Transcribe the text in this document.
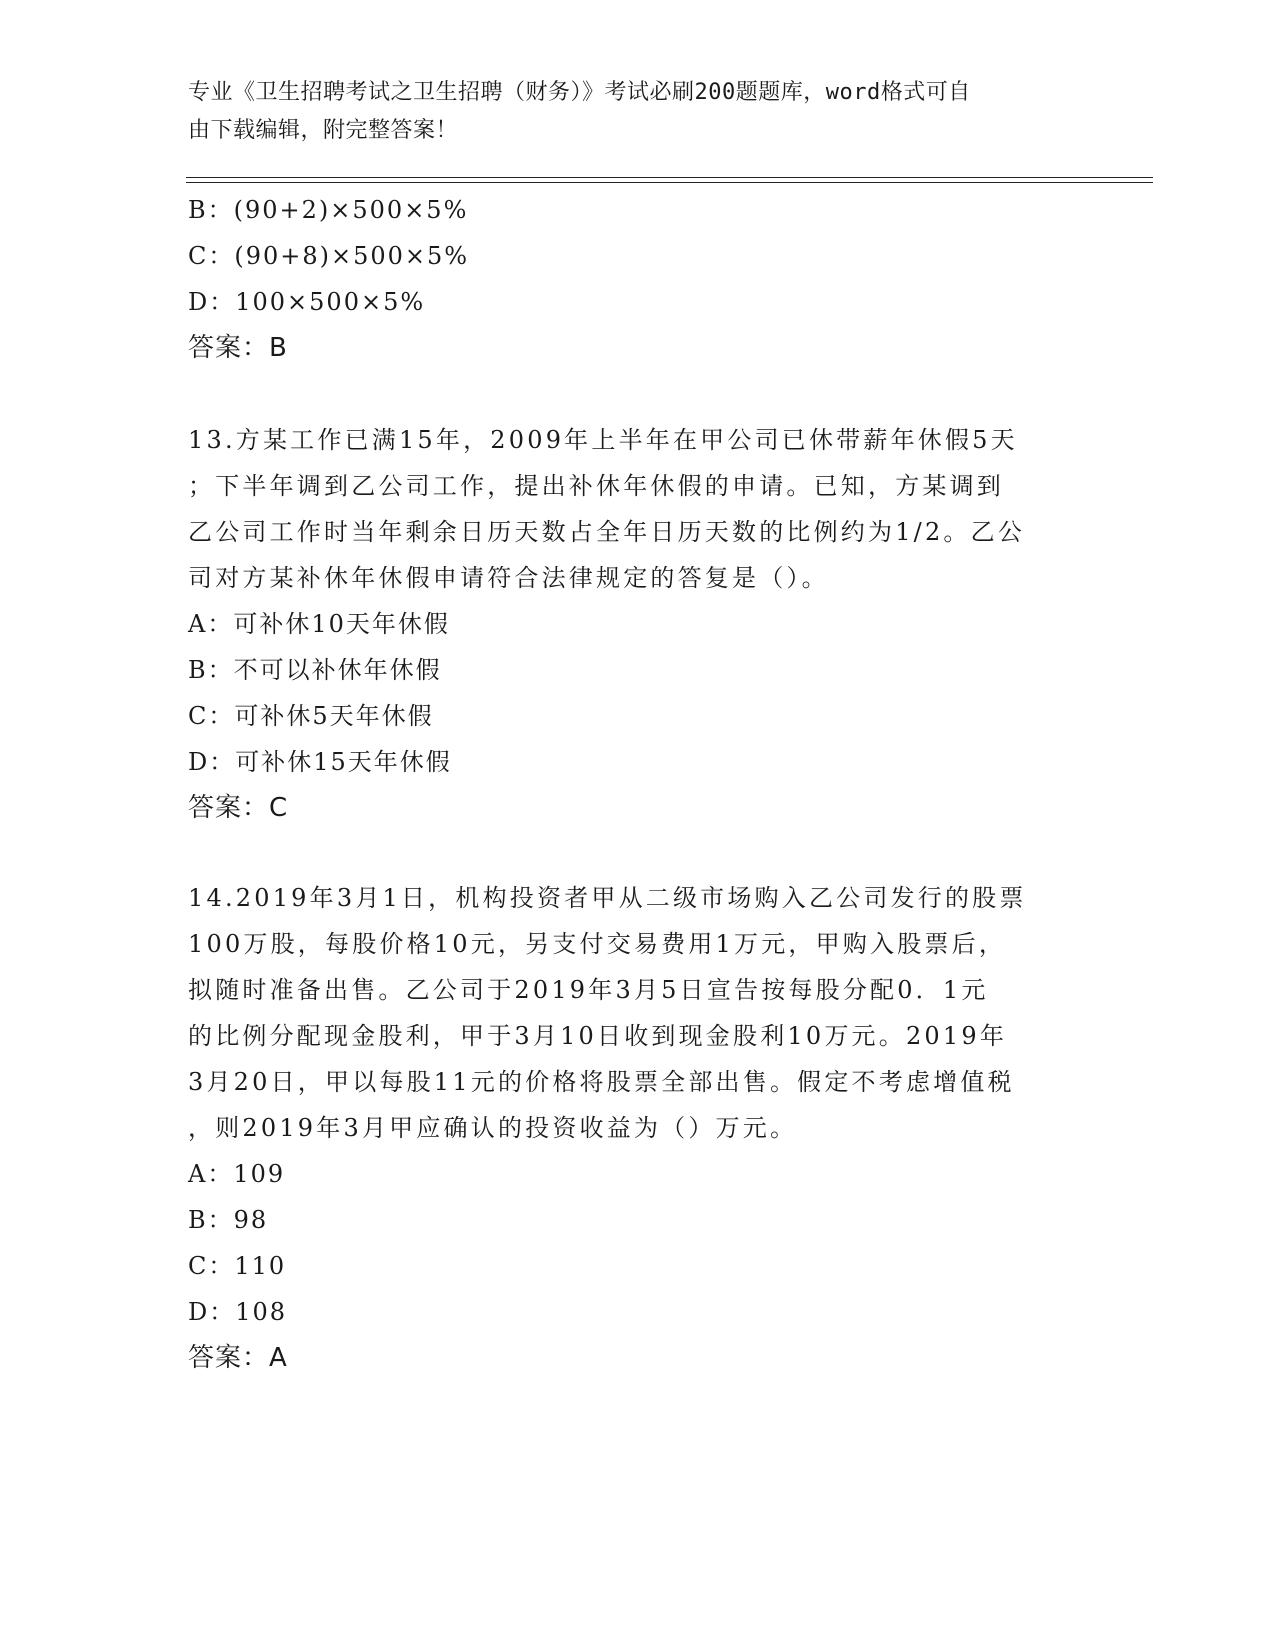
专业《卫生招聘考试之卫生招聘（财务）》考试必刷200题题库，word格式可自
由下载编辑，附完整答案！
B：(90+2)×500×5%
C：(90+8)×500×5%
D：100×500×5%
答案：B
13.方某工作已满15年，2009年上半年在甲公司已休带薪年休假5天
；下半年调到乙公司工作，提出补休年休假的申请。已知，方某调到
乙公司工作时当年剩余日历天数占全年日历天数的比例约为1/2。乙公
司对方某补休年休假申请符合法律规定的答复是（）。
A：可补休10天年休假
B：不可以补休年休假
C：可补休5天年休假
D：可补休15天年休假
答案：C
14.2019年3月1日，机构投资者甲从二级市场购入乙公司发行的股票
100万股，每股价格10元，另支付交易费用1万元，甲购入股票后，
拟随时准备出售。乙公司于2019年3月5日宣告按每股分配0．1元
的比例分配现金股利，甲于3月10日收到现金股利10万元。2019年
3月20日，甲以每股11元的价格将股票全部出售。假定不考虑增值税
，则2019年3月甲应确认的投资收益为（）万元。
A：109
B：98
C：110
D：108
答案：A
